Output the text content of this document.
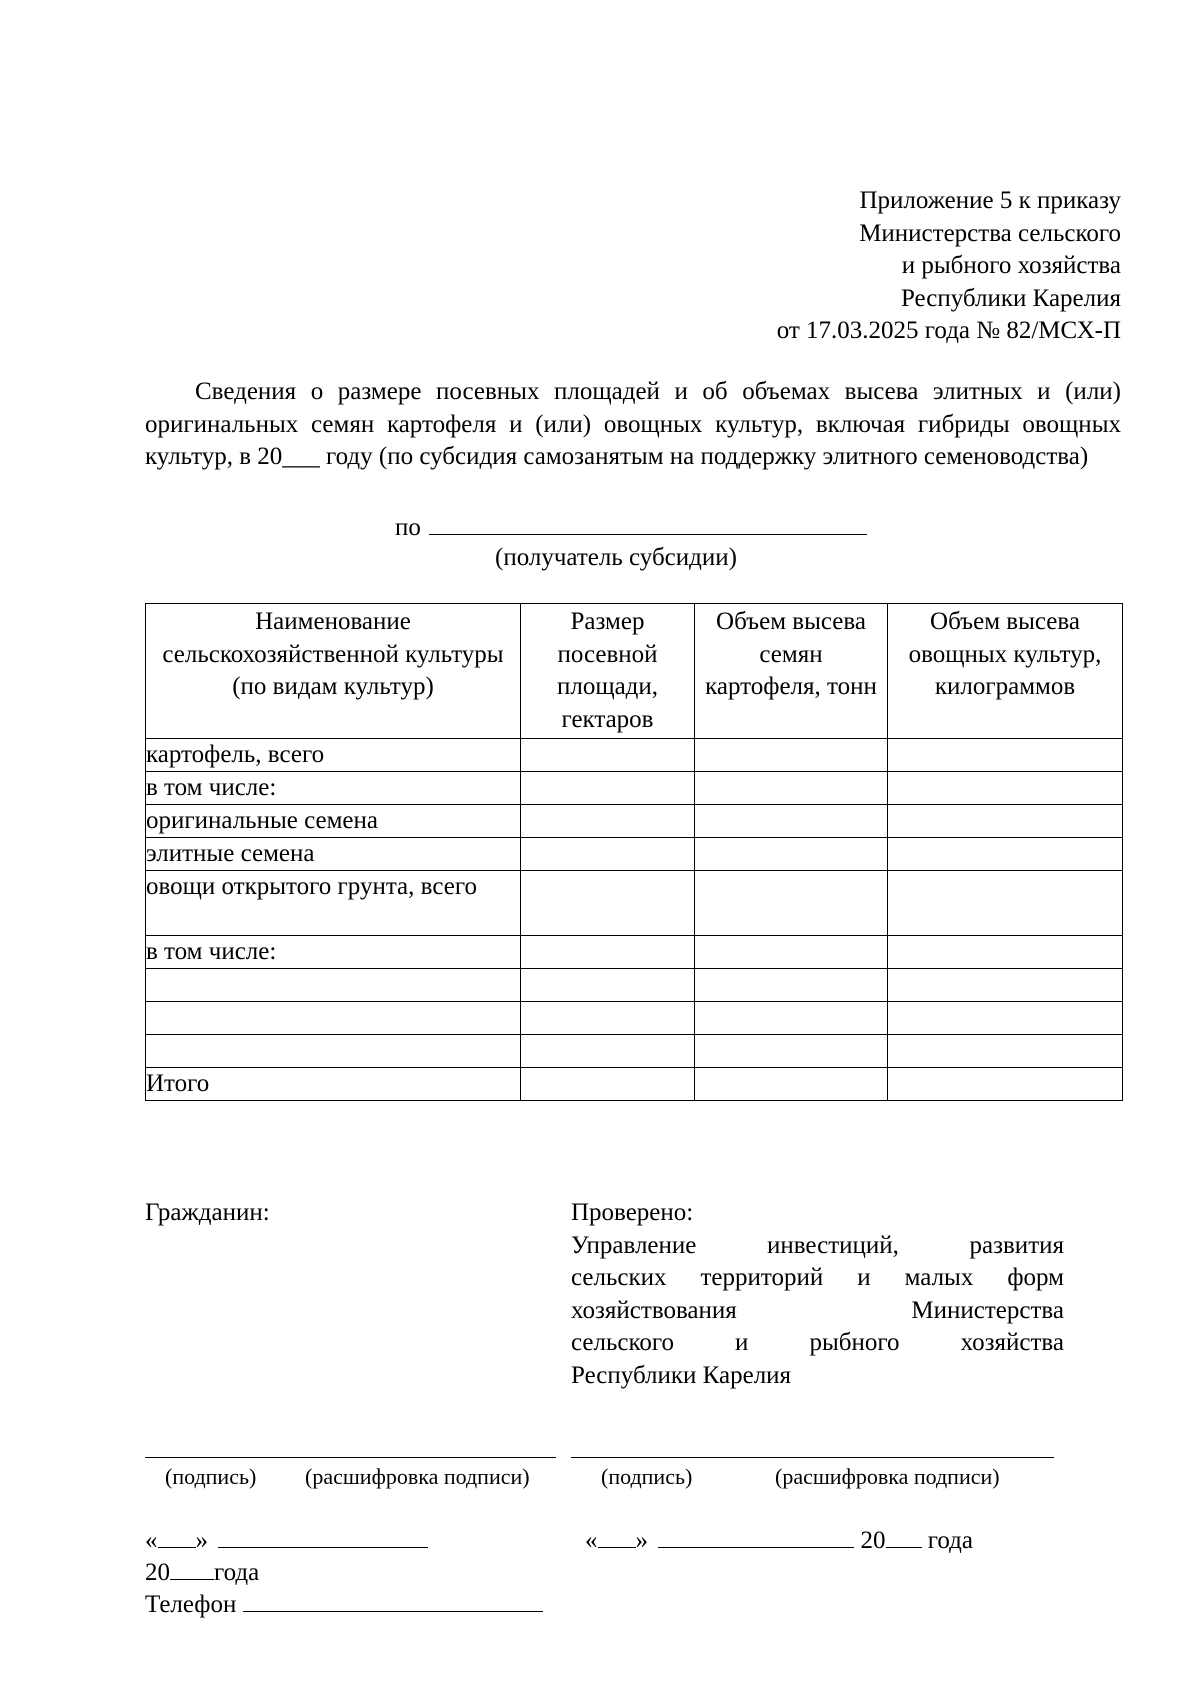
Приложение 5 к приказу
Министерства сельского
и рыбного хозяйства
Республики Карелия
от 17.03.2025 года № 82/МСХ-П
Сведения о размере посевных площадей и об объемах высева элитных и (или) оригинальных семян картофеля и (или) овощных культур, включая гибриды овощных культур, в 20___ году (по субсидия самозанятым на поддержку элитного семеноводства)
по
(получатель субсидии)
Наименование сельскохозяйственной культуры (по видам культур)	Размер посевной площади, гектаров	Объем высева семян картофеля, тонн	Объем высева овощных культур, килограммов
картофель, всего			
в том числе:			
оригинальные семена			
элитные семена			
овощи открытого грунта, всего			
в том числе:			

Итого			
Гражданин:	Проверено:
Управление инвестиций, развития
сельских территорий и малых форм
хозяйствования Министерства
сельского и рыбного хозяйства
Республики Карелия
(подпись) (расшифровка подписи)	(подпись)	(расшифровка подписи)
« »
20 года
Телефон
« »	20 года
